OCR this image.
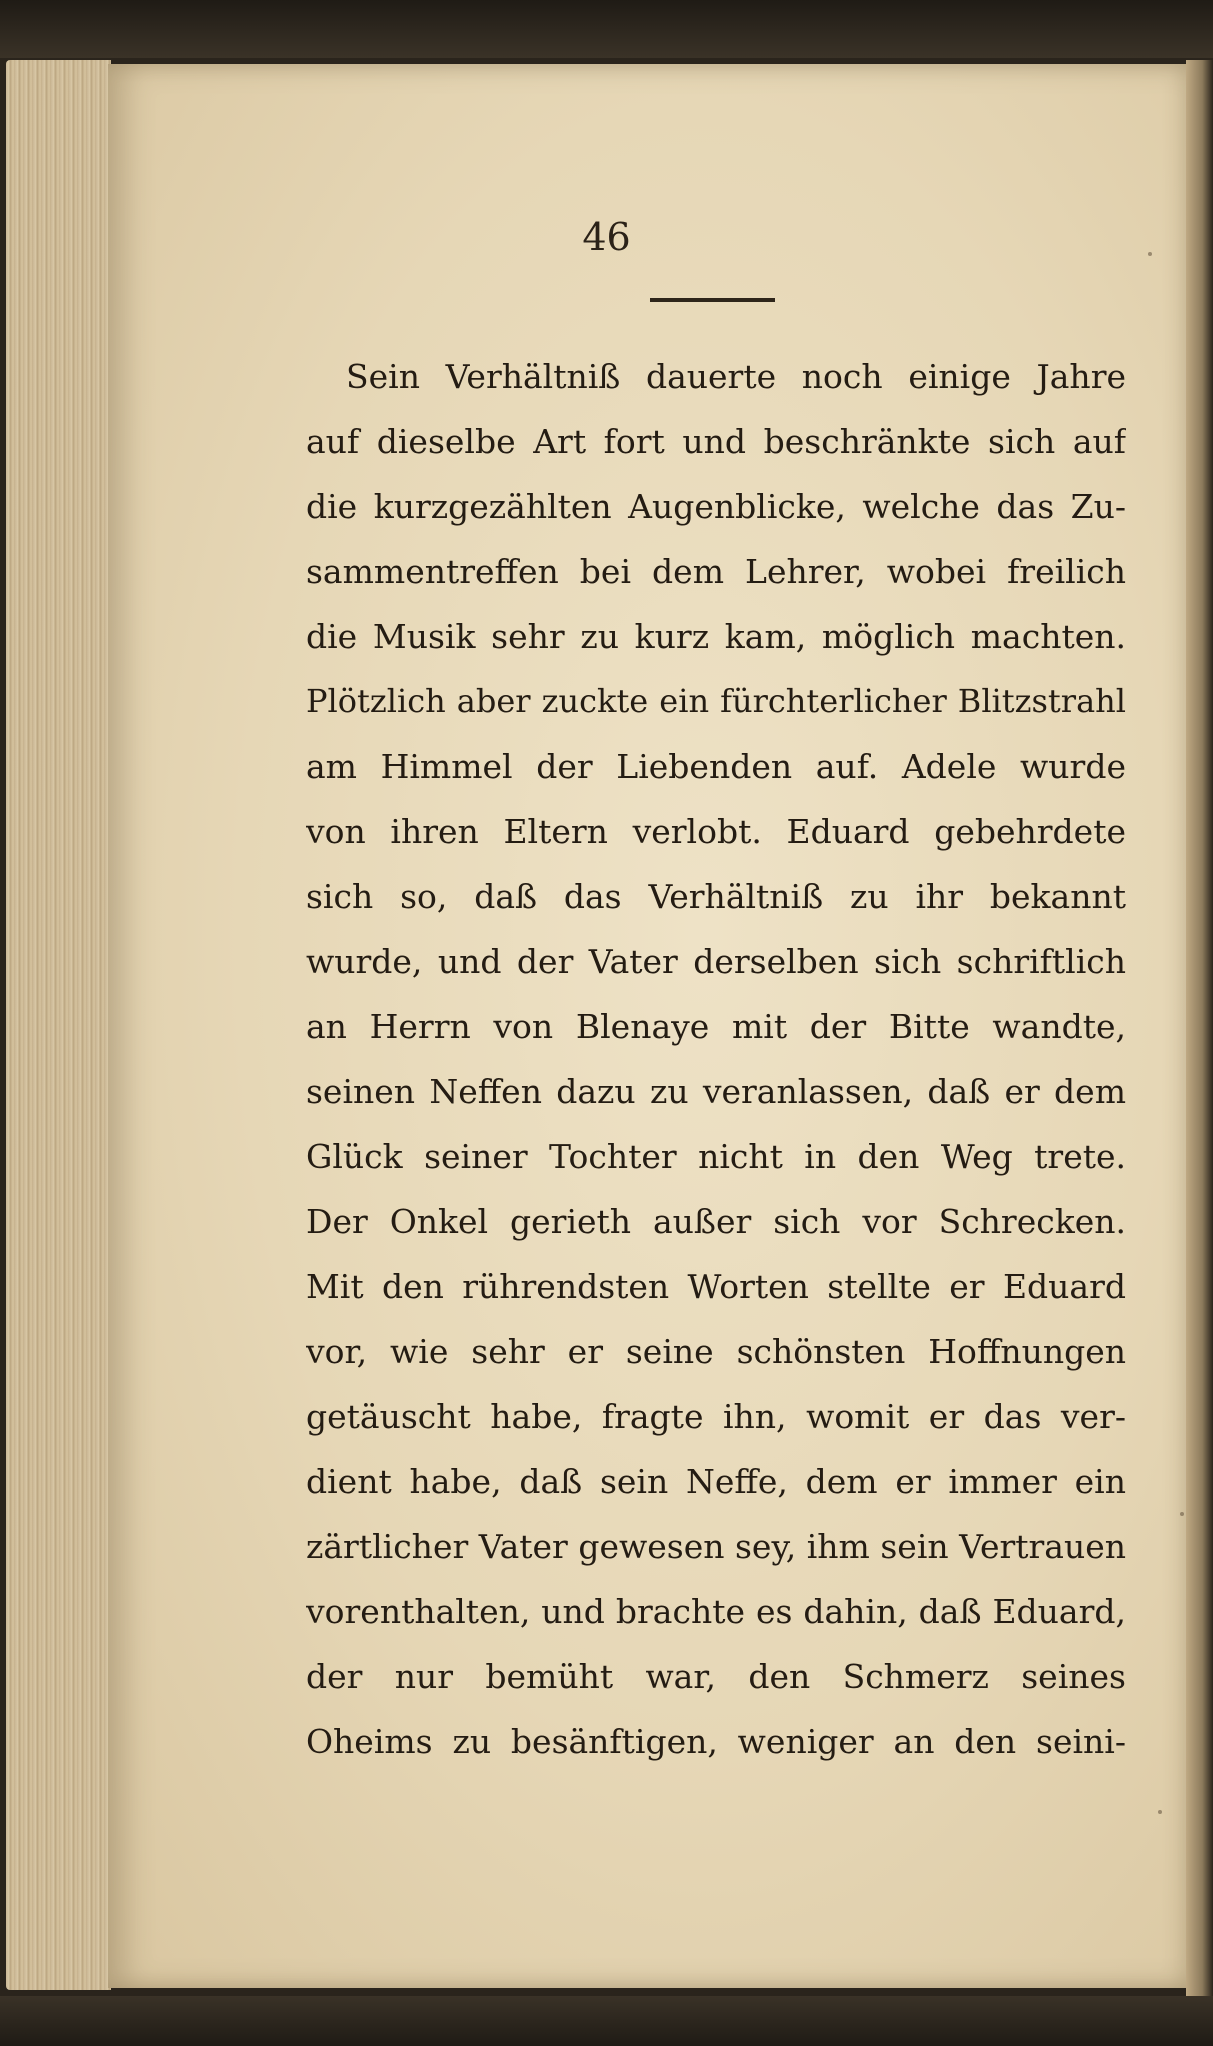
46
Sein Verhältniß dauerte noch einige Jahre
auf dieselbe Art fort und beschränkte sich auf
die kurzgezählten Augenblicke, welche das Zu-
sammentreffen bei dem Lehrer, wobei freilich
die Musik sehr zu kurz kam, möglich machten.
Plötzlich aber zuckte ein fürchterlicher Blitzstrahl
am Himmel der Liebenden auf. Adele wurde
von ihren Eltern verlobt. Eduard gebehrdete
sich so, daß das Verhältniß zu ihr bekannt
wurde, und der Vater derselben sich schriftlich
an Herrn von Blenaye mit der Bitte wandte,
seinen Neffen dazu zu veranlassen, daß er dem
Glück seiner Tochter nicht in den Weg trete.
Der Onkel gerieth außer sich vor Schrecken.
Mit den rührendsten Worten stellte er Eduard
vor, wie sehr er seine schönsten Hoffnungen
getäuscht habe, fragte ihn, womit er das ver-
dient habe, daß sein Neffe, dem er immer ein
zärtlicher Vater gewesen sey, ihm sein Vertrauen
vorenthalten, und brachte es dahin, daß Eduard,
der nur bemüht war, den Schmerz seines
Oheims zu besänftigen, weniger an den seini-
